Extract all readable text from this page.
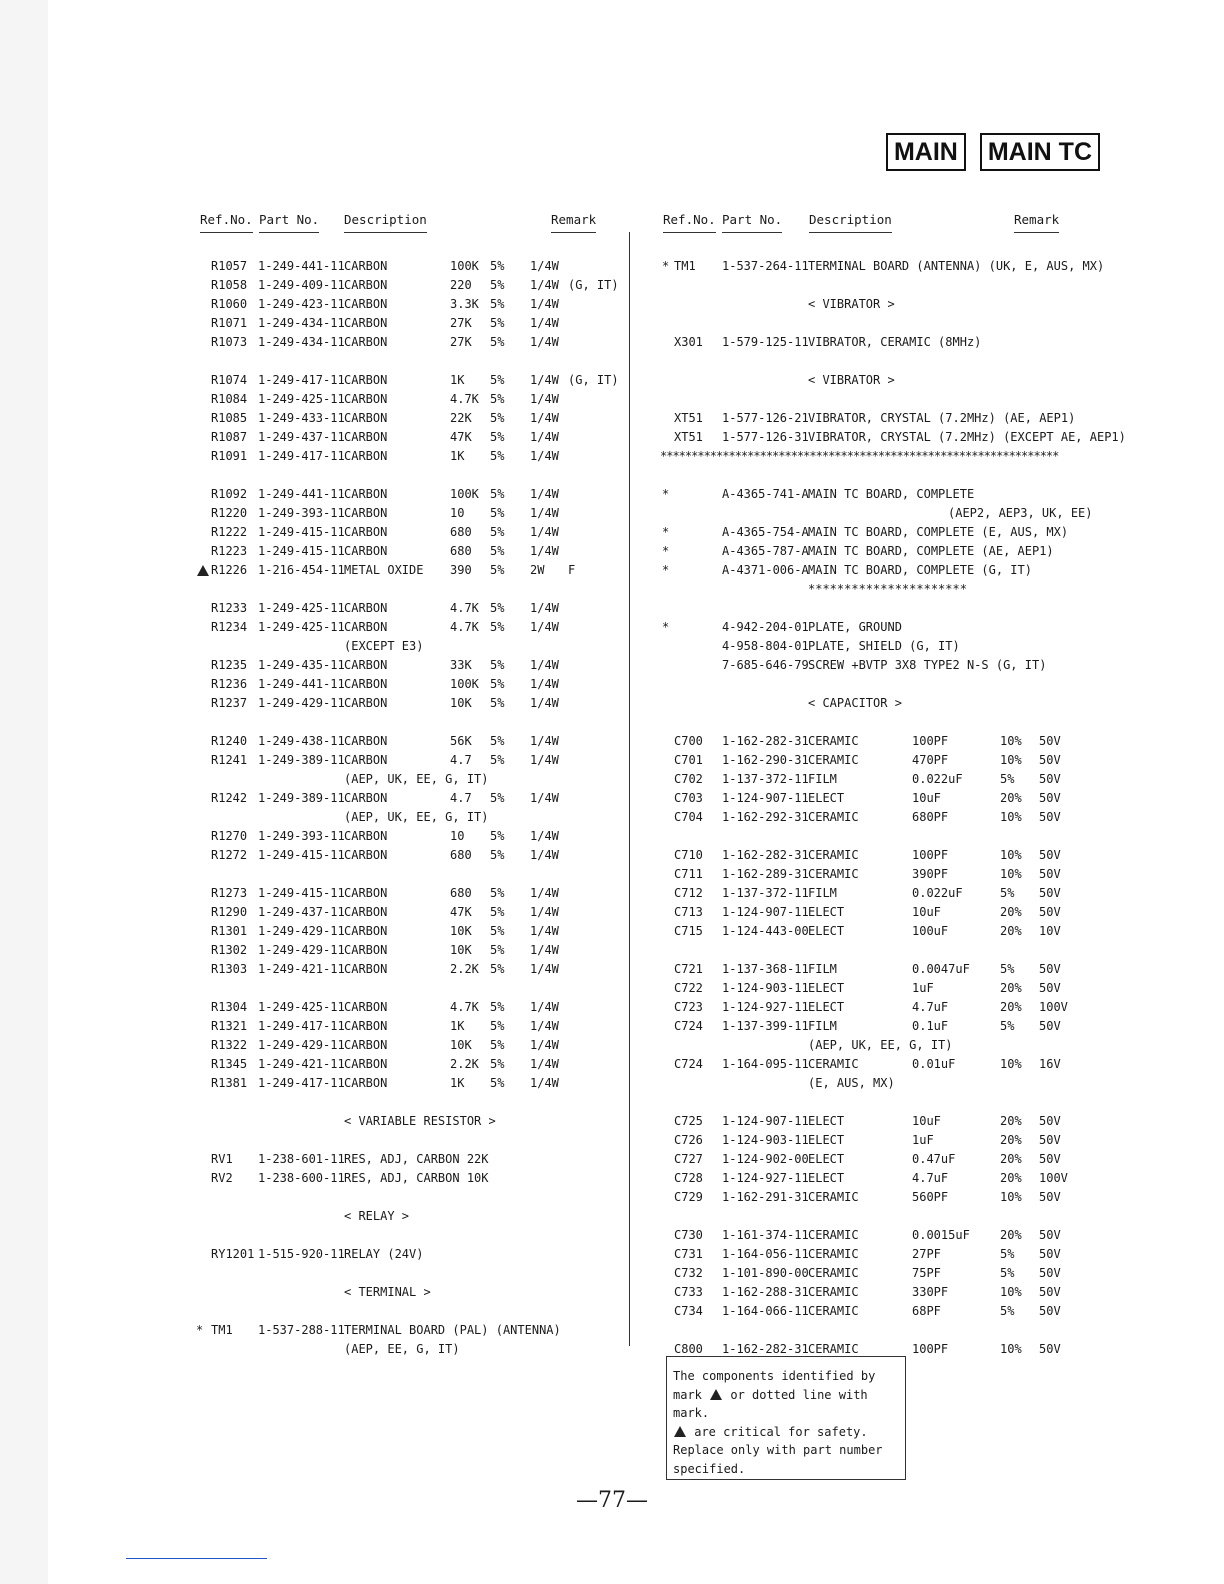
MAIN	MAIN TC
Ref.No. Part No. Description	Remark
R1057 1-249-441-11 CARBON	100K 5% 1/4W
R1058 1-249-409-11 CARBON	220 5% 1/4W (G, IT)
R1060 1-249-423-11 CARBON	3.3K 5% 1/4W
R1071 1-249-434-11 CARBON	27K 5% 1/4W
R1073 1-249-434-11 CARBON	27K 5% 1/4W
R1074 1-249-417-11 CARBON	1K 5% 1/4W (G, IT)
R1084 1-249-425-11 CARBON	4.7K 5% 1/4W
R1085 1-249-433-11 CARBON	22K 5% 1/4W
R1087 1-249-437-11 CARBON	47K 5% 1/4W
R1091 1-249-417-11 CARBON	1K 5% 1/4W
R1092 1-249-441-11 CARBON	100K 5% 1/4W
R1220 1-249-393-11 CARBON	10 5% 1/4W
R1222 1-249-415-11 CARBON	680 5% 1/4W
R1223 1-249-415-11 CARBON	680 5% 1/4W
R1226 1-216-454-11 METAL OXIDE 390 5% 2W F
R1233 1-249-425-11 CARBON	4.7K 5% 1/4W
R1234 1-249-425-11 CARBON	4.7K 5% 1/4W
(EXCEPT E3)
R1235 1-249-435-11 CARBON	33K 5% 1/4W
R1236 1-249-441-11 CARBON	100K 5% 1/4W
R1237 1-249-429-11 CARBON	10K 5% 1/4W
R1240 1-249-438-11 CARBON	56K 5% 1/4W
R1241 1-249-389-11 CARBON	4.7 5% 1/4W
(AEP, UK, EE, G, IT)
R1242 1-249-389-11 CARBON	4.7 5% 1/4W
(AEP, UK, EE, G, IT)
R1270 1-249-393-11 CARBON	10 5% 1/4W
R1272 1-249-415-11 CARBON	680 5% 1/4W
R1273 1-249-415-11 CARBON	680 5% 1/4W
R1290 1-249-437-11 CARBON	47K 5% 1/4W
R1301 1-249-429-11 CARBON	10K 5% 1/4W
R1302 1-249-429-11 CARBON	10K 5% 1/4W
R1303 1-249-421-11 CARBON	2.2K 5% 1/4W
R1304 1-249-425-11 CARBON	4.7K 5% 1/4W
R1321 1-249-417-11 CARBON	1K 5% 1/4W
R1322 1-249-429-11 CARBON	10K 5% 1/4W
R1345 1-249-421-11 CARBON	2.2K 5% 1/4W
R1381 1-249-417-11 CARBON	1K 5% 1/4W
< VARIABLE RESISTOR >
RV1 1-238-601-11 RES, ADJ, CARBON 22K
RV2 1-238-600-11 RES, ADJ, CARBON 10K
< RELAY >
RY1201 1-515-920-11 RELAY (24V)
< TERMINAL >
* TM1 1-537-288-11 TERMINAL BOARD (PAL) (ANTENNA)
(AEP, EE, G, IT)
Ref.No. Part No. Description	Remark
* TM1 1-537-264-11 TERMINAL BOARD (ANTENNA) (UK, E, AUS, MX)
< VIBRATOR >
X301 1-579-125-11 VIBRATOR, CERAMIC (8MHz)
< VIBRATOR >
XT51 1-577-126-21 VIBRATOR, CRYSTAL (7.2MHz) (AE, AEP1)
XT51 1-577-126-31 VIBRATOR, CRYSTAL (7.2MHz) (EXCEPT AE, AEP1)
****************************************************************
*	A-4365-741-A MAIN TC BOARD, COMPLETE
(AEP2, AEP3, UK, EE)
*	A-4365-754-A MAIN TC BOARD, COMPLETE (E, AUS, MX)
*	A-4365-787-A MAIN TC BOARD, COMPLETE (AE, AEP1)
*	A-4371-006-A MAIN TC BOARD, COMPLETE (G, IT)
**********************
*	4-942-204-01 PLATE, GROUND
4-958-804-01 PLATE, SHIELD (G, IT)
7-685-646-79 SCREW +BVTP 3X8 TYPE2 N-S (G, IT)
< CAPACITOR >
C700 1-162-282-31 CERAMIC	100PF	10% 50V
C701 1-162-290-31 CERAMIC	470PF	10% 50V
C702 1-137-372-11 FILM	0.022uF	5% 50V
C703 1-124-907-11 ELECT	10uF	20% 50V
C704 1-162-292-31 CERAMIC	680PF	10% 50V
C710 1-162-282-31 CERAMIC	100PF	10% 50V
C711 1-162-289-31 CERAMIC	390PF	10% 50V
C712 1-137-372-11 FILM	0.022uF	5% 50V
C713 1-124-907-11 ELECT	10uF	20% 50V
C715 1-124-443-00 ELECT	100uF	20% 10V
C721 1-137-368-11 FILM	0.0047uF	5% 50V
C722 1-124-903-11 ELECT	1uF	20% 50V
C723 1-124-927-11 ELECT	4.7uF	20% 100V
C724 1-137-399-11 FILM	0.1uF	5% 50V
(AEP, UK, EE, G, IT)
C724 1-164-095-11 CERAMIC	0.01uF	10% 16V
(E, AUS, MX)
C725 1-124-907-11 ELECT	10uF	20% 50V
C726 1-124-903-11 ELECT	1uF	20% 50V
C727 1-124-902-00 ELECT	0.47uF	20% 50V
C728 1-124-927-11 ELECT	4.7uF	20% 100V
C729 1-162-291-31 CERAMIC	560PF	10% 50V
C730 1-161-374-11 CERAMIC	0.0015uF	20% 50V
C731 1-164-056-11 CERAMIC	27PF	5% 50V
C732 1-101-890-00 CERAMIC	75PF	5% 50V
C733 1-162-288-31 CERAMIC	330PF	10% 50V
C734 1-164-066-11 CERAMIC	68PF	5% 50V
C800 1-162-282-31 CERAMIC	100PF	10% 50V
The components identified by
mark or dotted line with mark.
are critical for safety.
Replace only with part number
specified.
—77—
